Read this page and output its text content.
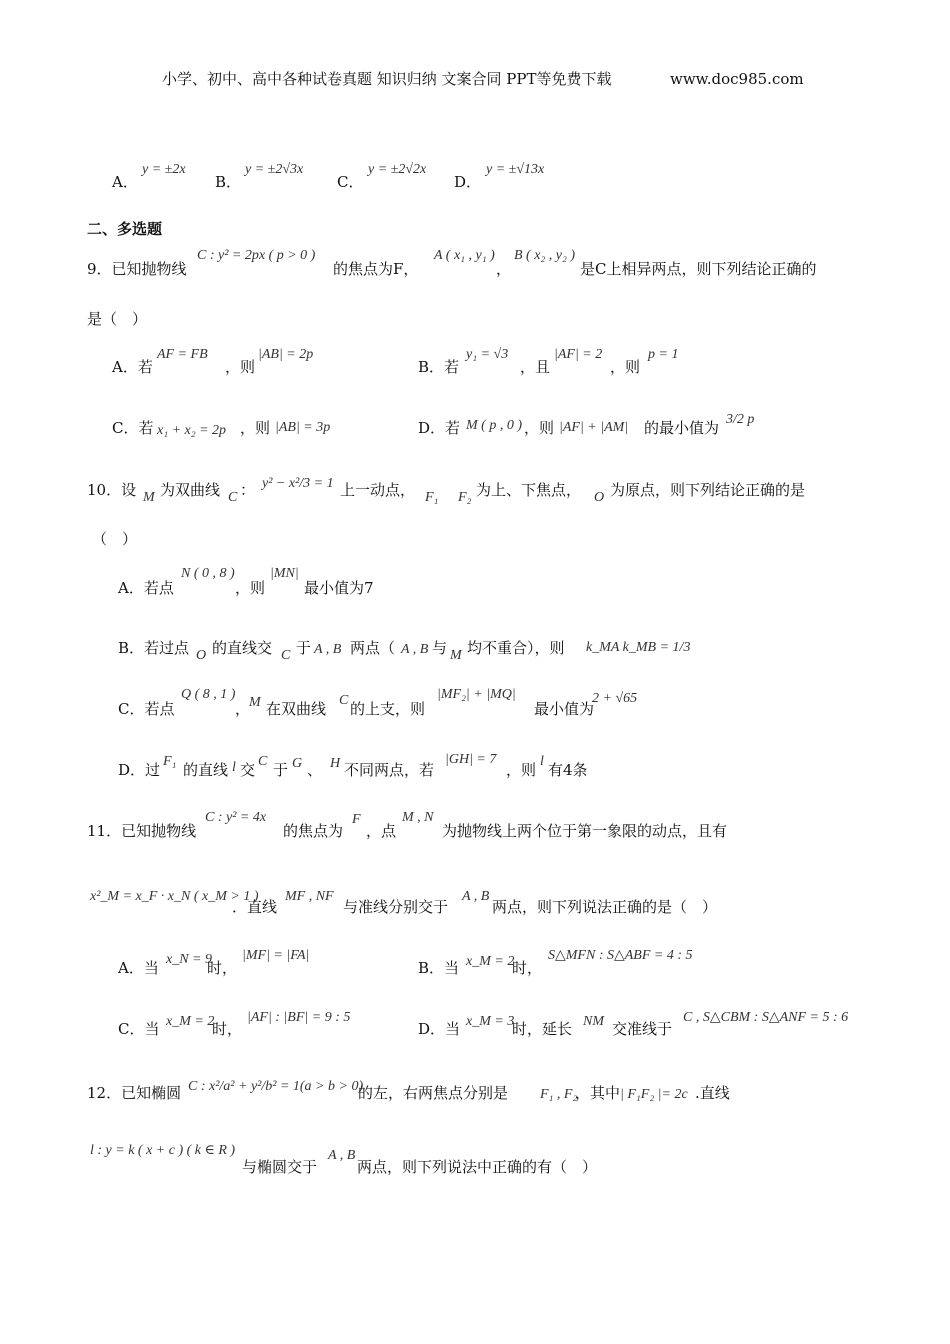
小学、初中、高中各种试卷真题 知识归纳 文案合同 PPT等免费下载	www.doc985.com
A．
y = ±2x
B．
y = ±2√3x
C．
y = ±2√2x
D．
y = ±√13x
二、多选题
9．已知抛物线
C : y² = 2px ( p > 0 )
的焦点为F，
A ( x₁ , y₁ )
，
B ( x₂ , y₂ )
是C上相异两点，则下列结论正确的
是（　）
A．若
AF = FB
，则
|AB| = 2p
B．若
y₁ = √3
，且
|AF| = 2
，则
p = 1
C．若 x₁ + x₂ = 2p ，则 |AB| = 3p	D．若 M ( p , 0 ) ，则 |AF| + |AM| 的最小值为 3/2 p
10．设 M 为双曲线 C ： y² − x²/3 = 1 上一动点， F₁ F₂ 为上、下焦点， O 为原点，则下列结论正确的是
（　）
A．若点
N ( 0 , 8 )
，则
|MN|
最小值为7
B．若过点 O 的直线交 C 于 A , B 两点（ A , B 与 M 均不重合），则 k_MA k_MB = 1/3
C．若点
Q ( 8 , 1 )
，
M 在双曲线 C 的上支，则
|MF₂| + |MQ|
最小值为
2 + √65
D．过 F₁ 的直线 l 交 C 于 G 、 H 不同两点，若
|GH| = 7
，则 l 有4条
11．已知抛物线
C : y² = 4x
的焦点为
F
，点
M , N
为抛物线上两个位于第一象限的动点，且有
x²_M = x_F · x_N ( x_M > 1 )
．直线
MF , NF
与准线分别交于
A , B
两点，则下列说法正确的是（　）
A．当 x_N = 9
时，
|MF| = |FA|
B．当 x_M = 2
时，
S△MFN : S△ABF = 4 : 5
C．当 x_M = 2
时，
|AF| : |BF| = 9 : 5
D．当 x_M = 3
时，延长 NM 交准线于
C , S△CBM : S△ANF = 5 : 6
12．已知椭圆 C : x²/a² + y²/b² = 1(a > b > 0)
的左，右两焦点分别是 F₁ , F₂
，其中 | F₁F₂ |= 2c .直线
l : y = k ( x + c ) ( k ∈ R )
与椭圆交于
A , B
两点，则下列说法中正确的有（　）
